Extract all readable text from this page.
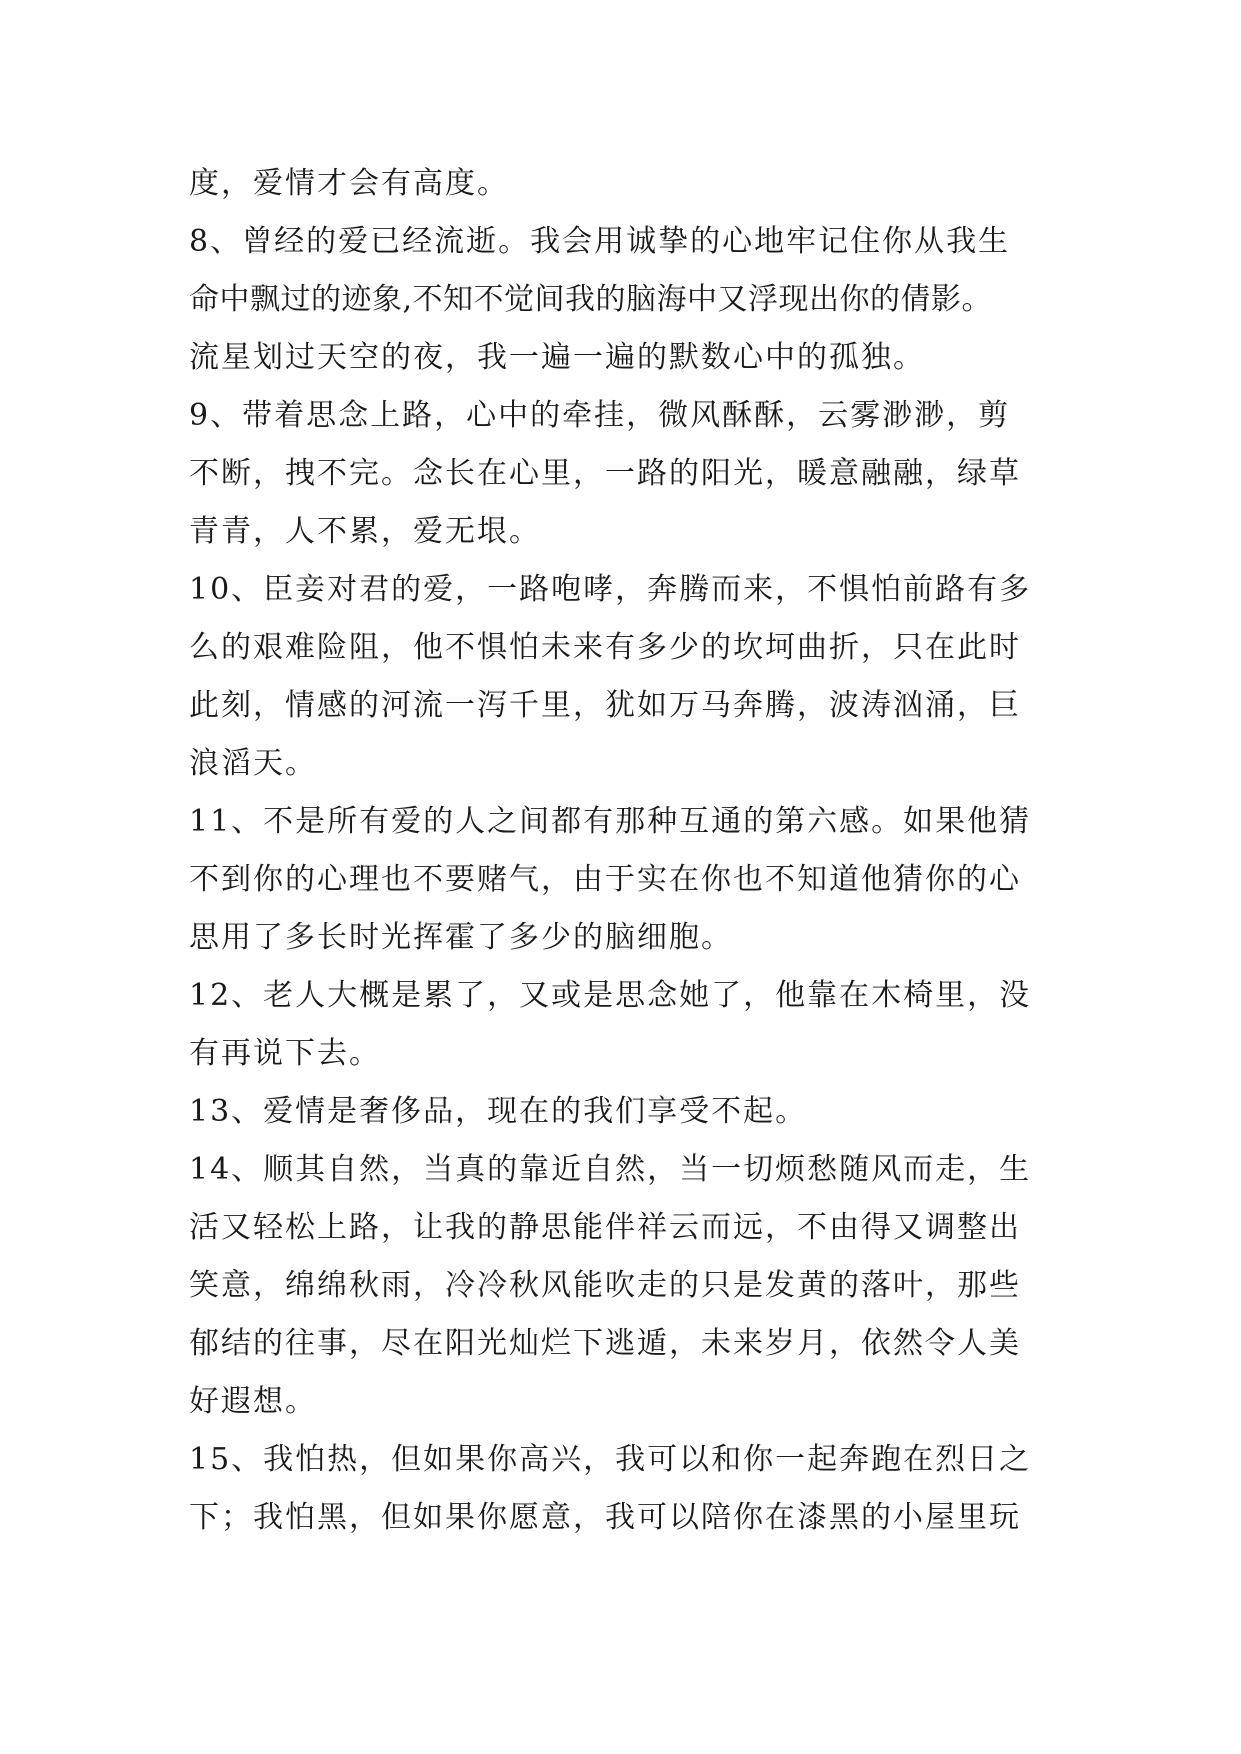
度，爱情才会有高度。
8、曾经的爱已经流逝。我会用诚挚的心地牢记住你从我生
命中飘过的迹象,不知不觉间我的脑海中又浮现出你的倩影。
流星划过天空的夜，我一遍一遍的默数心中的孤独。
9、带着思念上路，心中的牵挂，微风酥酥，云雾渺渺，剪
不断，拽不完。念长在心里，一路的阳光，暖意融融，绿草
青青，人不累，爱无垠。
10、臣妾对君的爱，一路咆哮，奔腾而来，不惧怕前路有多
么的艰难险阻，他不惧怕未来有多少的坎坷曲折，只在此时
此刻，情感的河流一泻千里，犹如万马奔腾，波涛汹涌，巨
浪滔天。
11、不是所有爱的人之间都有那种互通的第六感。如果他猜
不到你的心理也不要赌气，由于实在你也不知道他猜你的心
思用了多长时光挥霍了多少的脑细胞。
12、老人大概是累了，又或是思念她了，他靠在木椅里，没
有再说下去。
13、爱情是奢侈品，现在的我们享受不起。
14、顺其自然，当真的靠近自然，当一切烦愁随风而走，生
活又轻松上路，让我的静思能伴祥云而远，不由得又调整出
笑意，绵绵秋雨，冷冷秋风能吹走的只是发黄的落叶，那些
郁结的往事，尽在阳光灿烂下逃遁，未来岁月，依然令人美
好遐想。
15、我怕热，但如果你高兴，我可以和你一起奔跑在烈日之
下；我怕黑，但如果你愿意，我可以陪你在漆黑的小屋里玩
